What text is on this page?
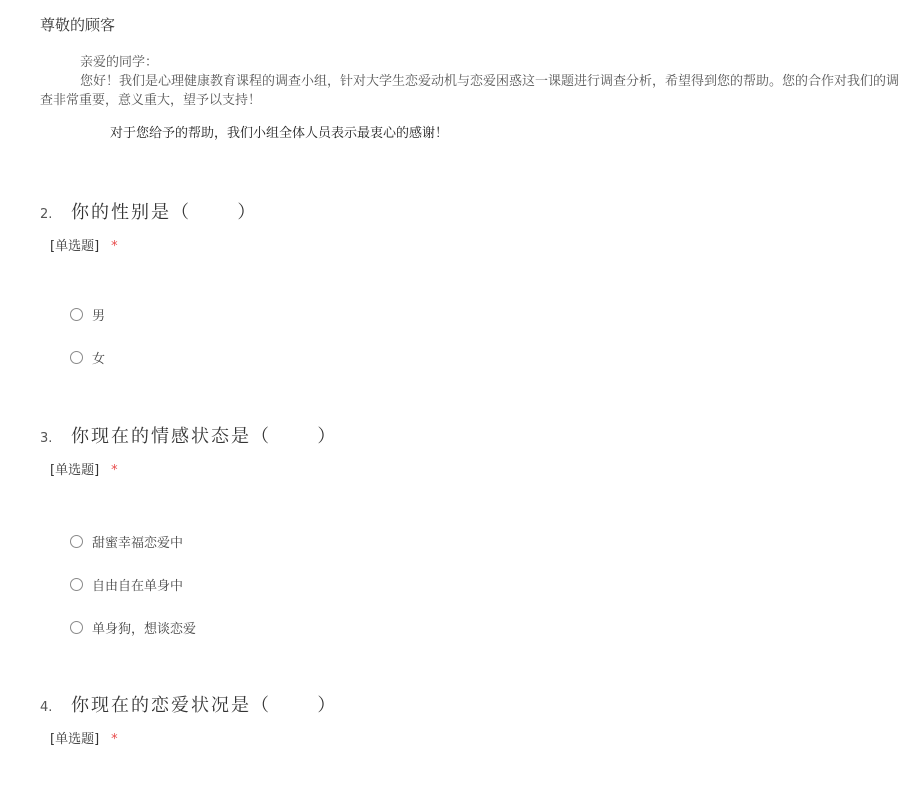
尊敬的顾客
亲爱的同学：
您好！我们是心理健康教育课程的调查小组，针对大学生恋爱动机与恋爱困惑这一课题进行调查分析，希望得到您的帮助。您的合作对我们的调查非常重要，意义重大，望予以支持！
对于您给予的帮助，我们小组全体人员表示最衷心的感谢！
2.	你的性别是（      ）
[单选题] *
男
女
3.	你现在的情感状态是（      ）
[单选题] *
甜蜜幸福恋爱中
自由自在单身中
单身狗，想谈恋爱
4.	你现在的恋爱状况是（      ）
[单选题] *
